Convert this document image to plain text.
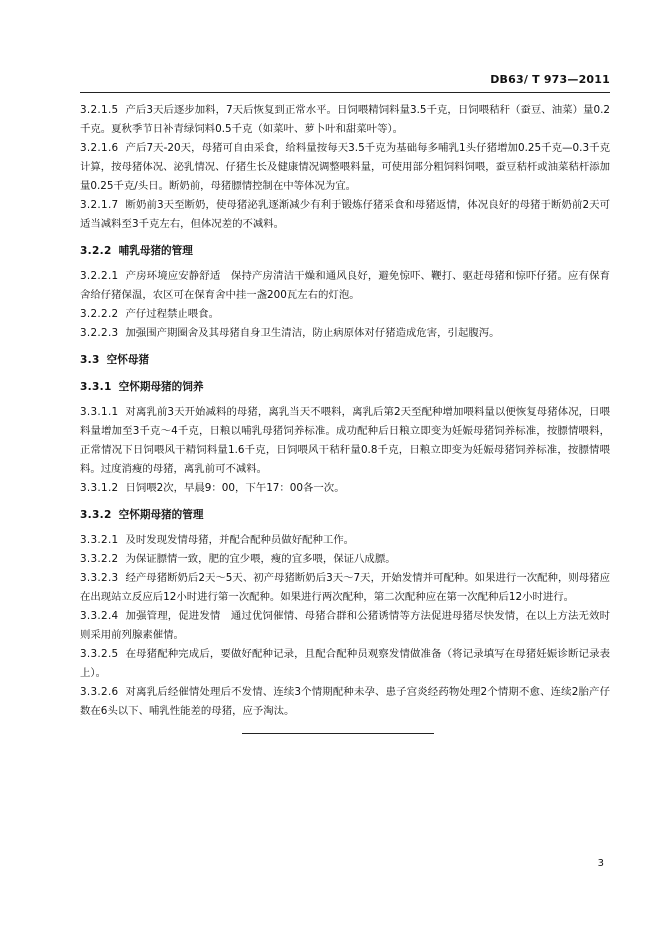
DB63/ T 973—2011

3.2.1.5 产后3天后逐步加料，7天后恢复到正常水平。日饲喂精饲料量3.5千克，日饲喂秸秆（蚕豆、油菜）量0.2千克。夏秋季节日补青绿饲料0.5千克（如菜叶、萝卜叶和甜菜叶等）。

3.2.1.6 产后7天-20天，母猪可自由采食，给料量按每天3.5千克为基础每多哺乳1头仔猪增加0.25千克—0.3千克计算，按母猪体况、泌乳情况、仔猪生长及健康情况调整喂料量，可使用部分粗饲料饲喂，蚕豆秸杆或油菜秸杆添加量0.25千克/头日。断奶前，母猪膘情控制在中等体况为宜。

3.2.1.7 断奶前3天至断奶，使母猪泌乳逐渐减少有利于锻炼仔猪采食和母猪返情，体况良好的母猪于断奶前2天可适当减料至3千克左右，但体况差的不减料。

3.2.2 哺乳母猪的管理

3.2.2.1 产房环境应安静舒适　保持产房清洁干燥和通风良好，避免惊吓、鞭打、驱赶母猪和惊吓仔猪。应有保育舍给仔猪保温，农区可在保育舍中挂一盏200瓦左右的灯泡。

3.2.2.2 产仔过程禁止喂食。

3.2.2.3 加强围产期圈舍及其母猪自身卫生清洁，防止病原体对仔猪造成危害，引起腹泻。

3.3 空怀母猪

3.3.1 空怀期母猪的饲养

3.3.1.1 对离乳前3天开始减料的母猪，离乳当天不喂料，离乳后第2天至配种增加喂料量以便恢复母猪体况，日喂料量增加至3千克～4千克，日粮以哺乳母猪饲养标准。成功配种后日粮立即变为妊娠母猪饲养标准，按膘情喂料，正常情况下日饲喂风干精饲料量1.6千克，日饲喂风干秸秆量0.8千克，日粮立即变为妊娠母猪饲养标准，按膘情喂料。过度消瘦的母猪，离乳前可不减料。

3.3.1.2 日饲喂2次，早晨9：00，下午17：00各一次。

3.3.2 空怀期母猪的管理

3.3.2.1 及时发现发情母猪，并配合配种员做好配种工作。

3.3.2.2 为保证膘情一致，肥的宜少喂，瘦的宜多喂，保证八成膘。

3.3.2.3 经产母猪断奶后2天～5天、初产母猪断奶后3天～7天，开始发情并可配种。如果进行一次配种，则母猪应在出现站立反应后12小时进行第一次配种。如果进行两次配种，第二次配种应在第一次配种后12小时进行。

3.3.2.4 加强管理，促进发情　通过优饲催情、母猪合群和公猪诱情等方法促进母猪尽快发情，在以上方法无效时则采用前列腺素催情。

3.3.2.5 在母猪配种完成后，要做好配种记录，且配合配种员观察发情做准备（将记录填写在母猪妊娠诊断记录表上）。

3.3.2.6 对离乳后经催情处理后不发情、连续3个情期配种未孕、患子宫炎经药物处理2个情期不愈、连续2胎产仔数在6头以下、哺乳性能差的母猪，应予淘汰。

3
